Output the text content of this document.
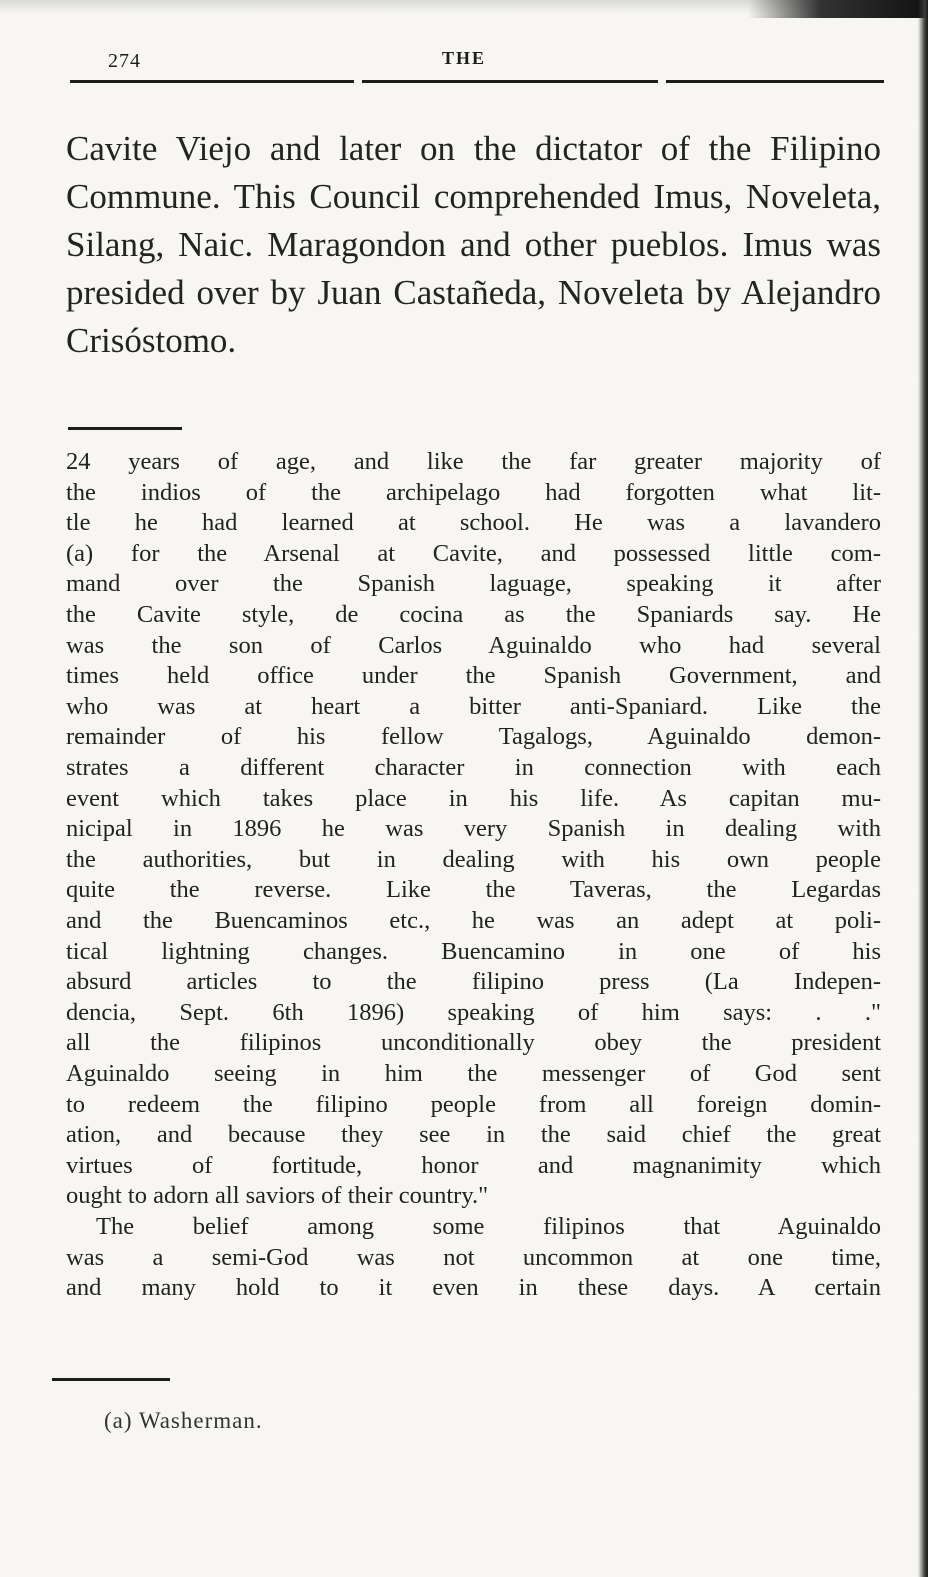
274	THE

Cavite Viejo and later on the dictator of the Filipino Commune. This Council comprehended Imus, Noveleta, Silang, Naic. Maragondon and other pueblos. Imus was presided over by Juan Castañeda, Noveleta by Alejandro Crisóstomo.

24 years of age, and like the far greater majority of
the indios of the archipelago had forgotten what lit-
tle he had learned at school. He was a lavandero
(a) for the Arsenal at Cavite, and possessed little com-
mand over the Spanish laguage, speaking it after
the Cavite style, de cocina as the Spaniards say. He
was the son of Carlos Aguinaldo who had several
times held office under the Spanish Government, and
who was at heart a bitter anti-Spaniard. Like the
remainder of his fellow Tagalogs, Aguinaldo demon-
strates a different character in connection with each
event which takes place in his life. As capitan mu-
nicipal in 1896 he was very Spanish in dealing with
the authorities, but in dealing with his own people
quite the reverse. Like the Taveras, the Legardas
and the Buencaminos etc., he was an adept at poli-
tical lightning changes. Buencamino in one of his
absurd articles to the filipino press (La Indepen-
dencia, Sept. 6th 1896) speaking of him says: . ."
all the filipinos unconditionally obey the president
Aguinaldo seeing in him the messenger of God sent
to redeem the filipino people from all foreign domin-
ation, and because they see in the said chief the great
virtues of fortitude, honor and magnanimity which
ought to adorn all saviors of their country."
The belief among some filipinos that Aguinaldo
was a semi-God was not uncommon at one time,
and many hold to it even in these days. A certain
(a) Washerman.
